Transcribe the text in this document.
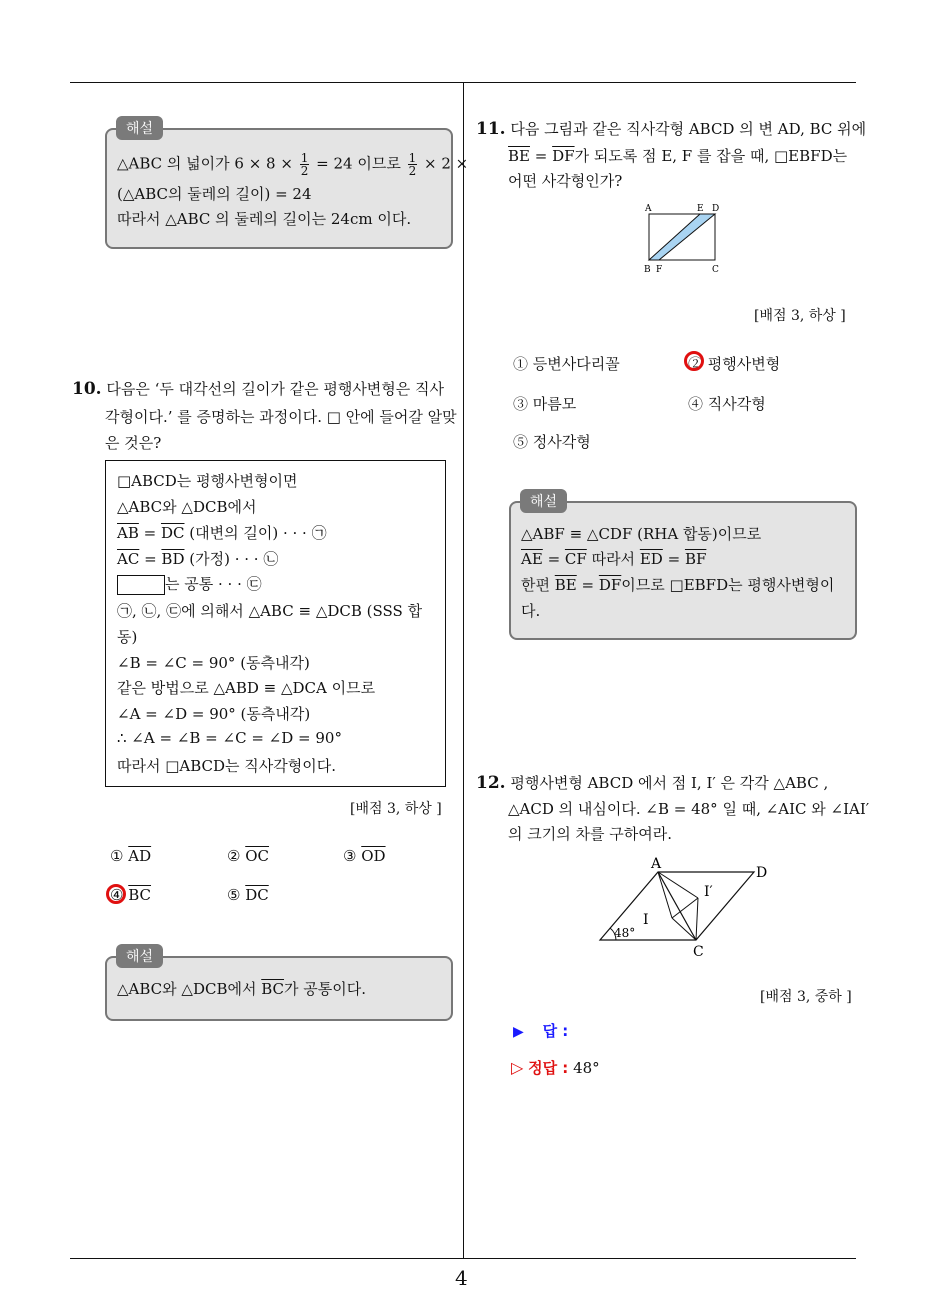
4
해설
△ABC 의 넓이가 $6 \times 8 \times \frac{1}{2} = 24$ 이므로 $\frac{1}{2} \times 2$ ×
(△ABC의 둘레의 길이) = 24
따라서 △ABC 의 둘레의 길이는 24cm 이다.
10. 다음은 ‘두 대각선의 길이가 같은 평행사변형은 직사
각형이다.’ 를 증명하는 과정이다. □ 안에 들어갈 알맞
은 것은?
□ABCD는 평행사변형이면
△ABC와 △DCB에서
$\overline{AB} = \overline{DC}$ (대변의 길이) · · · ㉠
$\overline{AC} = \overline{BD}$ (가정) · · · ㉡
는 공통 · · · ㉢
㉠, ㉡, ㉢에 의해서 △ABC ≡ △DCB (SSS 합
동)
∠B = ∠C = 90° (동측내각)
같은 방법으로 △ABD ≡ △DCA 이므로
∠A = ∠D = 90° (동측내각)
∴ ∠A = ∠B = ∠C = ∠D = 90°
따라서 □ABCD는 직사각형이다.
[배점 3, 하상 ]
① $\overline{AD}$	② $\overline{OC}$	③ $\overline{OD}$
④ $\overline{BC}$	⑤ $\overline{DC}$
해설
△ABC와 △DCB에서 $\overline{BC}$가 공통이다.
11. 다음 그림과 같은 직사각형 ABCD 의 변 AD, BC 위에
$\overline{BE} = \overline{DF}$가 되도록 점 E, F 를 잡을 때, □EBFD는
어떤 사각형인가?
A	E D
B F	C
[배점 3, 하상 ]
① 등변사다리꼴	② 평행사변형
③ 마름모	④ 직사각형
⑤ 정사각형
해설
△ABF ≡ △CDF (RHA 합동)이므로
$\overline{AE} = \overline{CF}$ 따라서 $\overline{ED} = \overline{BF}$
한편 $\overline{BE} = \overline{DF}$이므로 □EBFD는 평행사변형이
다.
12. 평행사변형 ABCD 에서 점 I, I′ 은 각각 △ABC ,
△ACD 의 내심이다. ∠B = 48° 일 때, ∠AIC 와 ∠IAI′
의 크기의 차를 구하여라.
A
D
I′
I
C
48°
[배점 3, 중하 ]
▶ 답 :
▷ 정답 : 48°
